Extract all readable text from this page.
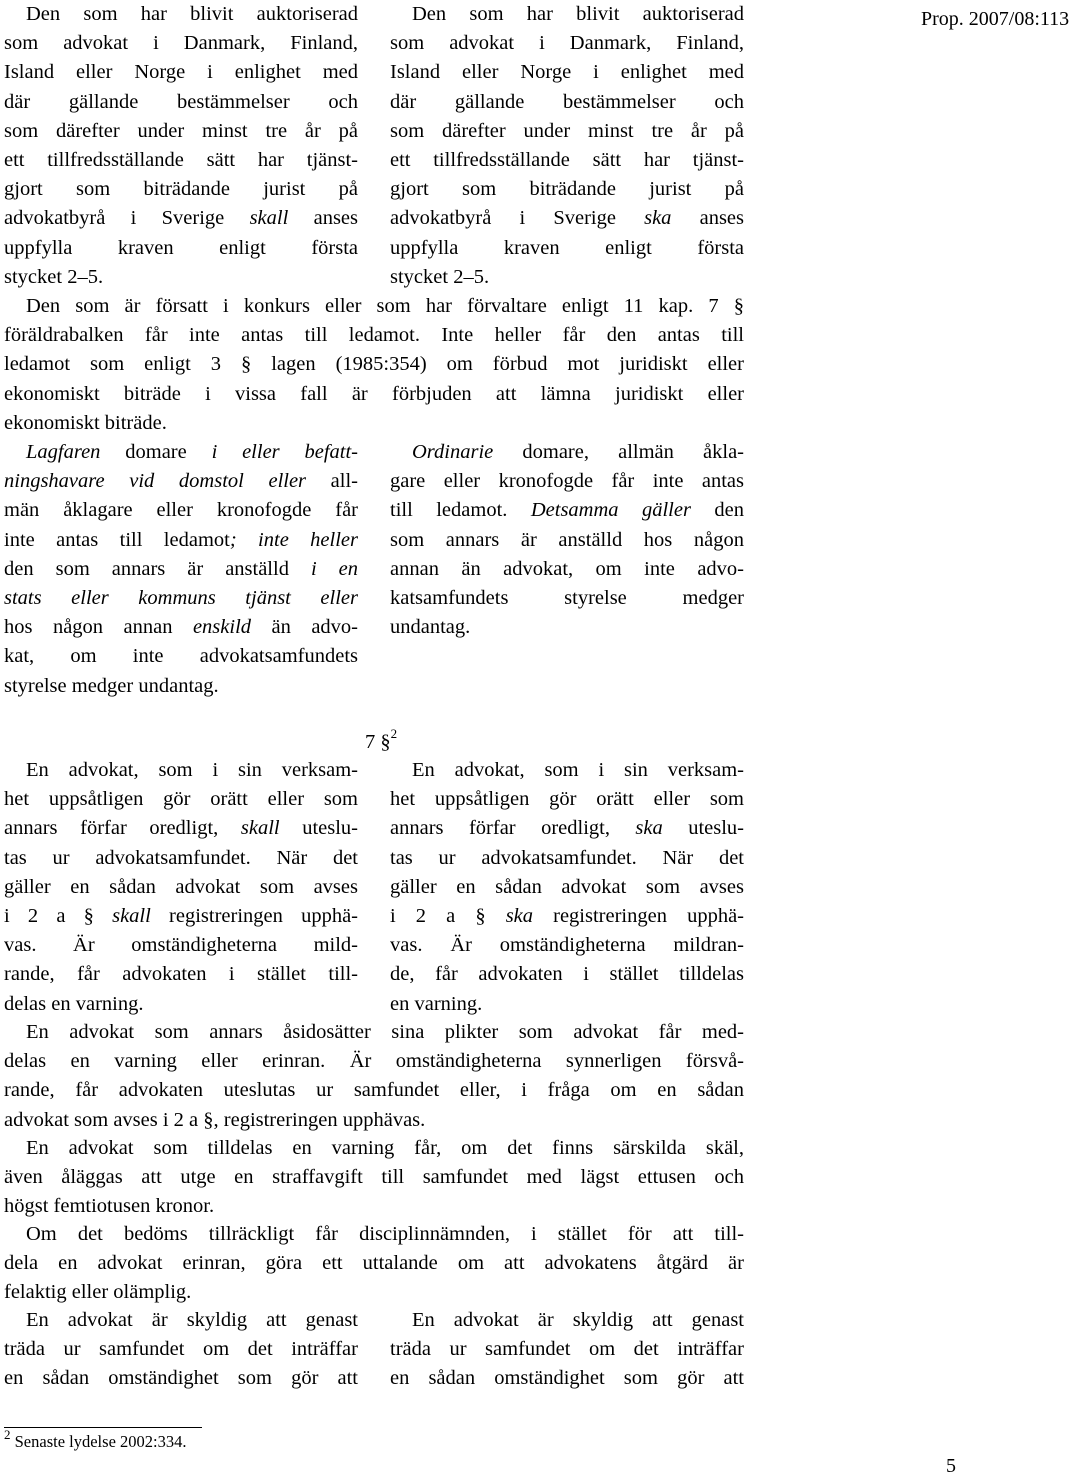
Prop. 2007/08:113
Den som har blivit auktoriserad
som advokat i Danmark, Finland,
Island eller Norge i enlighet med
där gällande bestämmelser och
som därefter under minst tre år på
ett tillfredsställande sätt har tjänst-
gjort som biträdande jurist på
advokatbyrå i Sverige skall anses
uppfylla kraven enligt första
stycket 2–5.
Den som har blivit auktoriserad
som advokat i Danmark, Finland,
Island eller Norge i enlighet med
där gällande bestämmelser och
som därefter under minst tre år på
ett tillfredsställande sätt har tjänst-
gjort som biträdande jurist på
advokatbyrå i Sverige ska anses
uppfylla kraven enligt första
stycket 2–5.
Den som är försatt i konkurs eller som har förvaltare enligt 11 kap. 7 §
föräldrabalken får inte antas till ledamot. Inte heller får den antas till
ledamot som enligt 3 § lagen (1985:354) om förbud mot juridiskt eller
ekonomiskt biträde i vissa fall är förbjuden att lämna juridiskt eller
ekonomiskt biträde.
Lagfaren domare i eller befatt-
ningshavare vid domstol eller all-
män åklagare eller kronofogde får
inte antas till ledamot; inte heller
den som annars är anställd i en
stats eller kommuns tjänst eller
hos någon annan enskild än advo-
kat, om inte advokatsamfundets
styrelse medger undantag.
Ordinarie domare, allmän åkla-
gare eller kronofogde får inte antas
till ledamot. Detsamma gäller den
som annars är anställd hos någon
annan än advokat, om inte advo-
katsamfundets styrelse medger
undantag.
7 §$^2$
En advokat, som i sin verksam-
het uppsåtligen gör orätt eller som
annars förfar oredligt, skall uteslu-
tas ur advokatsamfundet. När det
gäller en sådan advokat som avses
i 2 a § skall registreringen upphä-
vas. Är omständigheterna mild-
rande, får advokaten i stället till-
delas en varning.
En advokat, som i sin verksam-
het uppsåtligen gör orätt eller som
annars förfar oredligt, ska uteslu-
tas ur advokatsamfundet. När det
gäller en sådan advokat som avses
i 2 a § ska registreringen upphä-
vas. Är omständigheterna mildran-
de, får advokaten i stället tilldelas
en varning.
En advokat som annars åsidosätter sina plikter som advokat får med-
delas en varning eller erinran. Är omständigheterna synnerligen försvå-
rande, får advokaten uteslutas ur samfundet eller, i fråga om en sådan
advokat som avses i 2 a §, registreringen upphävas.
En advokat som tilldelas en varning får, om det finns särskilda skäl,
även åläggas att utge en straffavgift till samfundet med lägst ettusen och
högst femtiotusen kronor.
Om det bedöms tillräckligt får disciplinnämnden, i stället för att till-
dela en advokat erinran, göra ett uttalande om att advokatens åtgärd är
felaktig eller olämplig.
En advokat är skyldig att genast
träda ur samfundet om det inträffar
en sådan omständighet som gör att
En advokat är skyldig att genast
träda ur samfundet om det inträffar
en sådan omständighet som gör att
$^2$ Senaste lydelse 2002:334.
5
